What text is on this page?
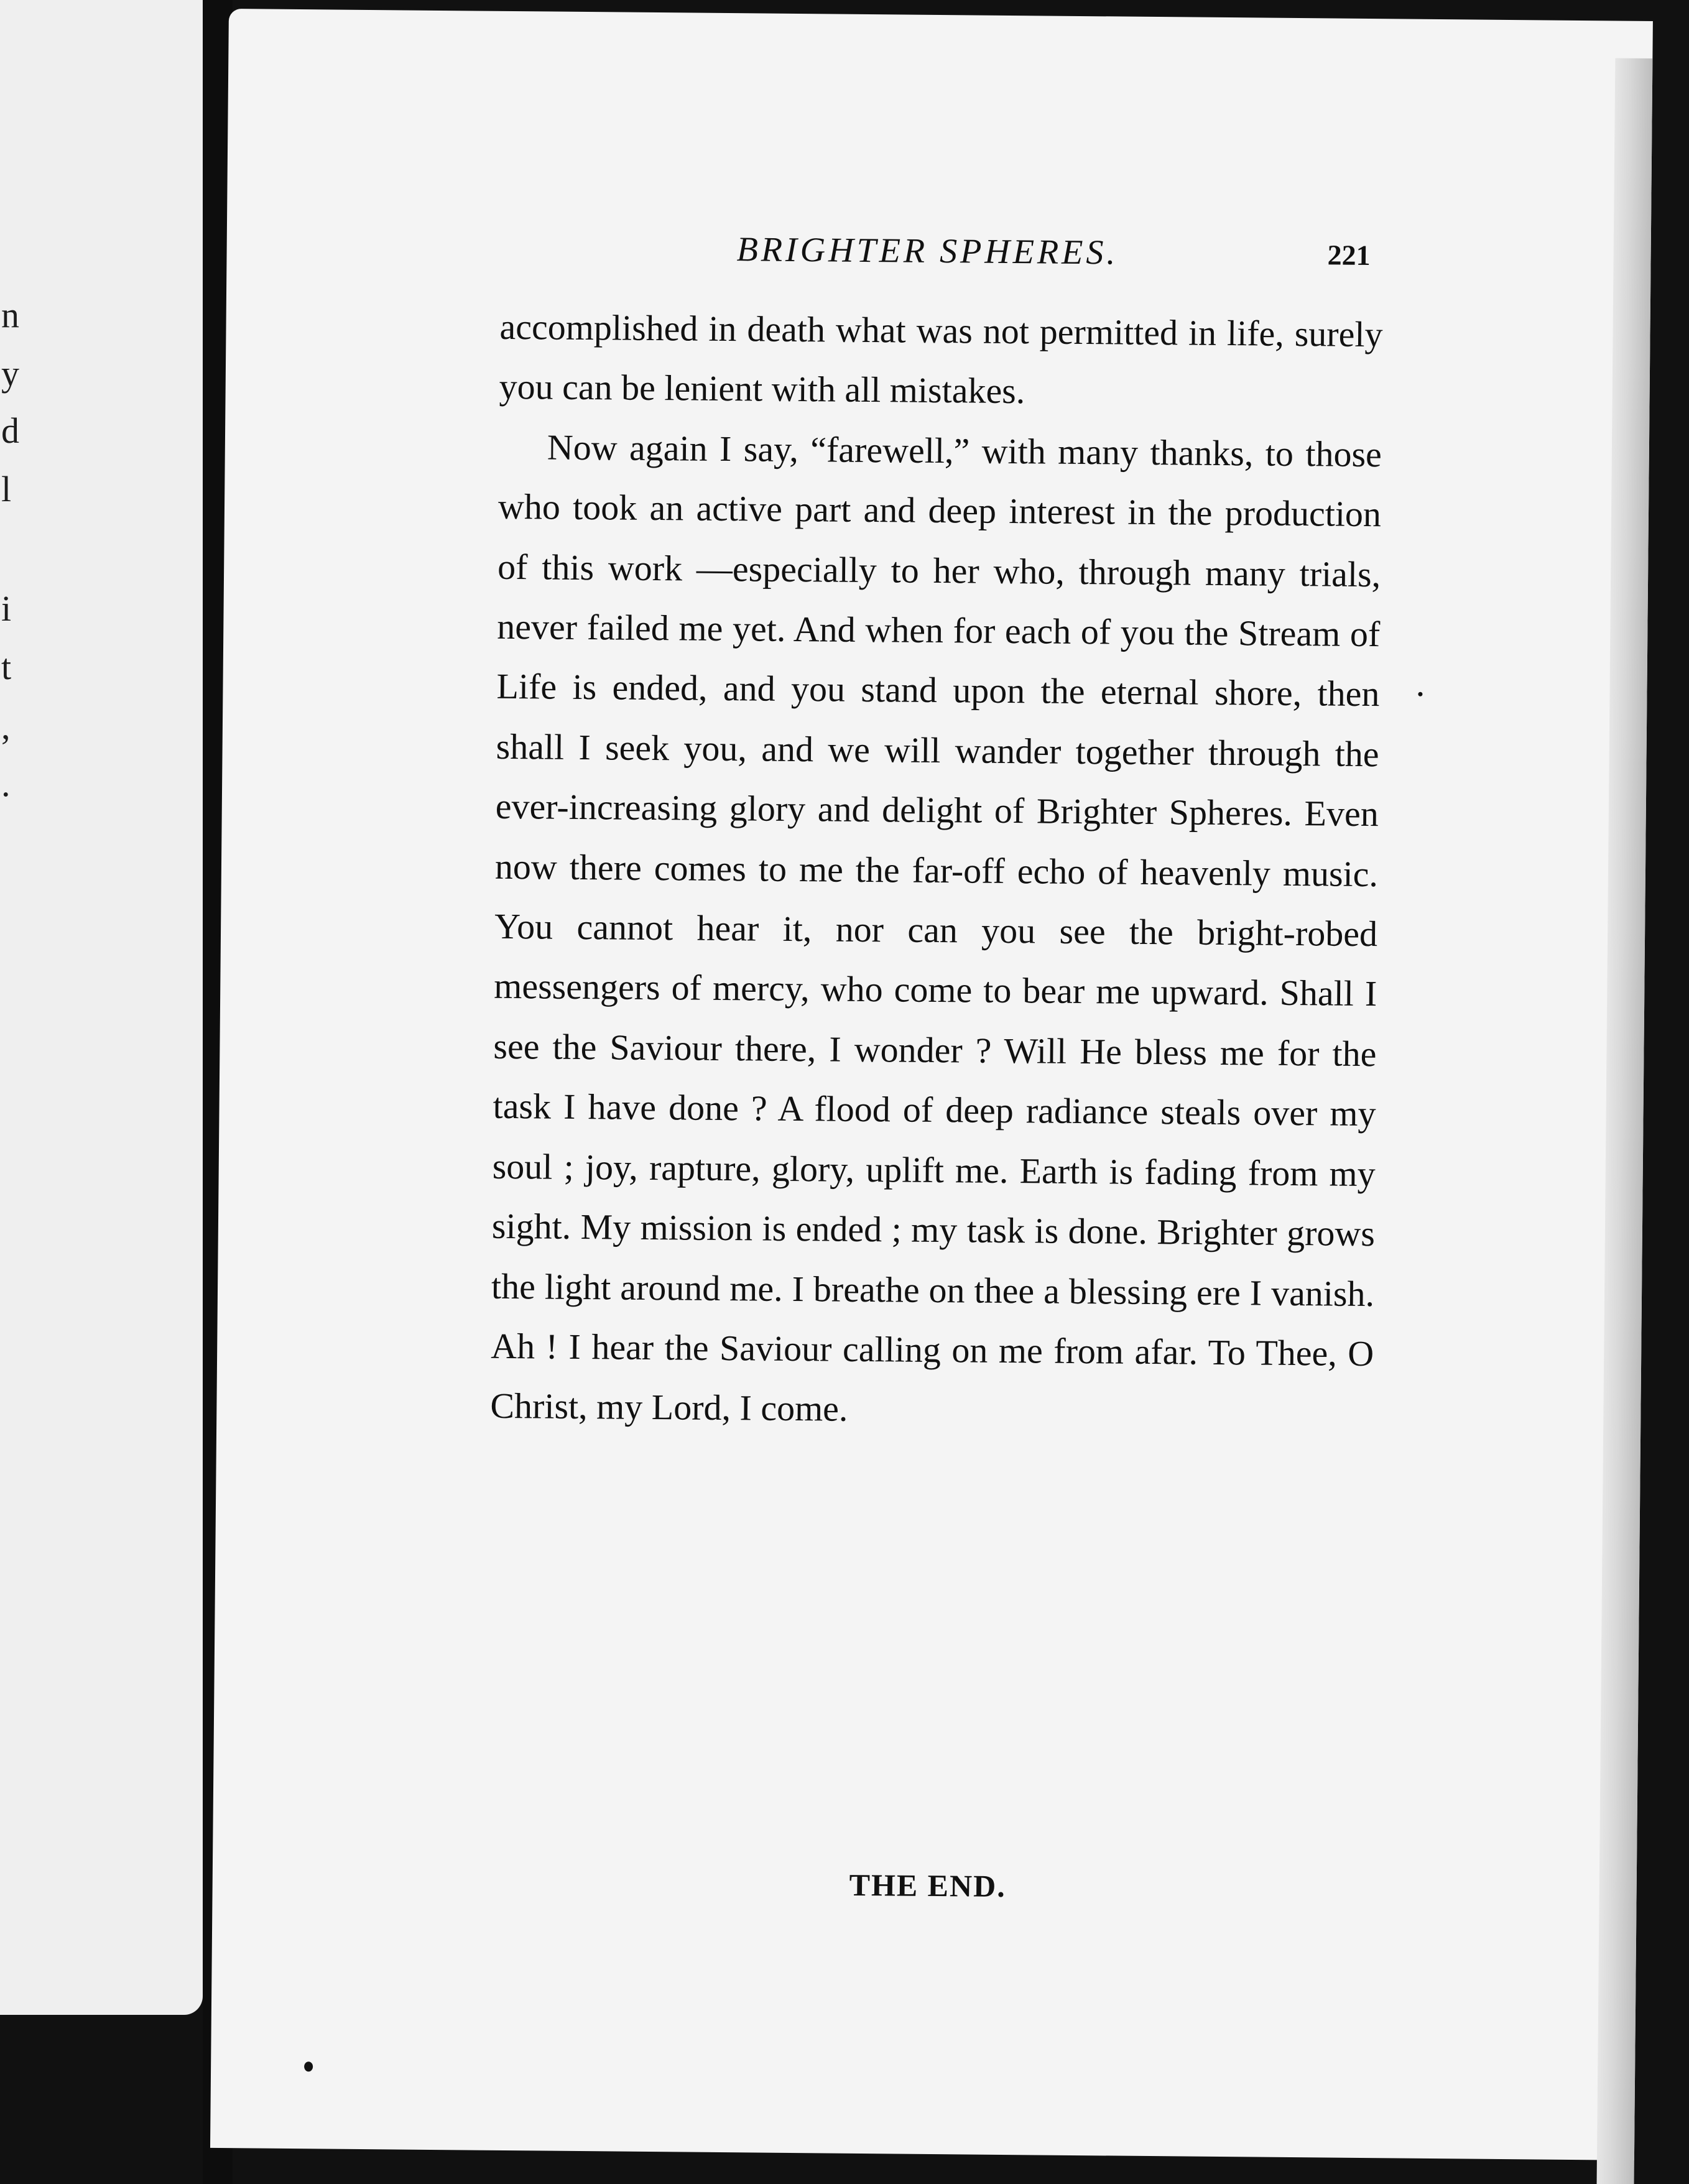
n
y
d
l
i
t
,
.
BRIGHTER SPHERES.	221

accomplished in death what was not permitted in life, surely you can be lenient with all mistakes.

Now again I say, “farewell,” with many thanks, to those who took an active part and deep interest in the production of this work —especially to her who, through many trials, never failed me yet. And when for each of you the Stream of Life is ended, and you stand upon the eternal shore, then shall I seek you, and we will wander together through the ever-increasing glory and delight of Brighter Spheres. Even now there comes to me the far-off echo of heavenly music. You cannot hear it, nor can you see the bright-robed messengers of mercy, who come to bear me upward. Shall I see the Saviour there, I wonder ? Will He bless me for the task I have done ? A flood of deep radiance steals over my soul ; joy, rapture, glory, uplift me. Earth is fading from my sight. My mission is ended ; my task is done. Brighter grows the light around me. I breathe on thee a blessing ere I vanish. Ah ! I hear the Saviour calling on me from afar. To Thee, O Christ, my Lord, I come.

THE END.
